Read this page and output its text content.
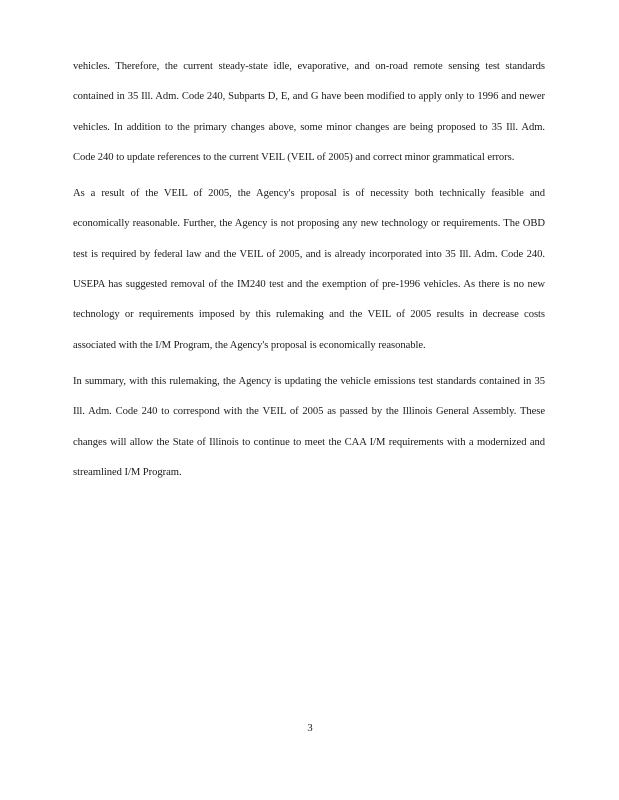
vehicles. Therefore, the current steady-state idle, evaporative, and on-road remote sensing test standards contained in 35 Ill. Adm. Code 240, Subparts D, E, and G have been modified to apply only to 1996 and newer vehicles. In addition to the primary changes above, some minor changes are being proposed to 35 Ill. Adm. Code 240 to update references to the current VEIL (VEIL of 2005) and correct minor grammatical errors.

As a result of the VEIL of 2005, the Agency's proposal is of necessity both technically feasible and economically reasonable. Further, the Agency is not proposing any new technology or requirements. The OBD test is required by federal law and the VEIL of 2005, and is already incorporated into 35 Ill. Adm. Code 240. USEPA has suggested removal of the IM240 test and the exemption of pre-1996 vehicles. As there is no new technology or requirements imposed by this rulemaking and the VEIL of 2005 results in decrease costs associated with the I/M Program, the Agency's proposal is economically reasonable.

In summary, with this rulemaking, the Agency is updating the vehicle emissions test standards contained in 35 Ill. Adm. Code 240 to correspond with the VEIL of 2005 as passed by the Illinois General Assembly. These changes will allow the State of Illinois to continue to meet the CAA I/M requirements with a modernized and streamlined I/M Program.

3
